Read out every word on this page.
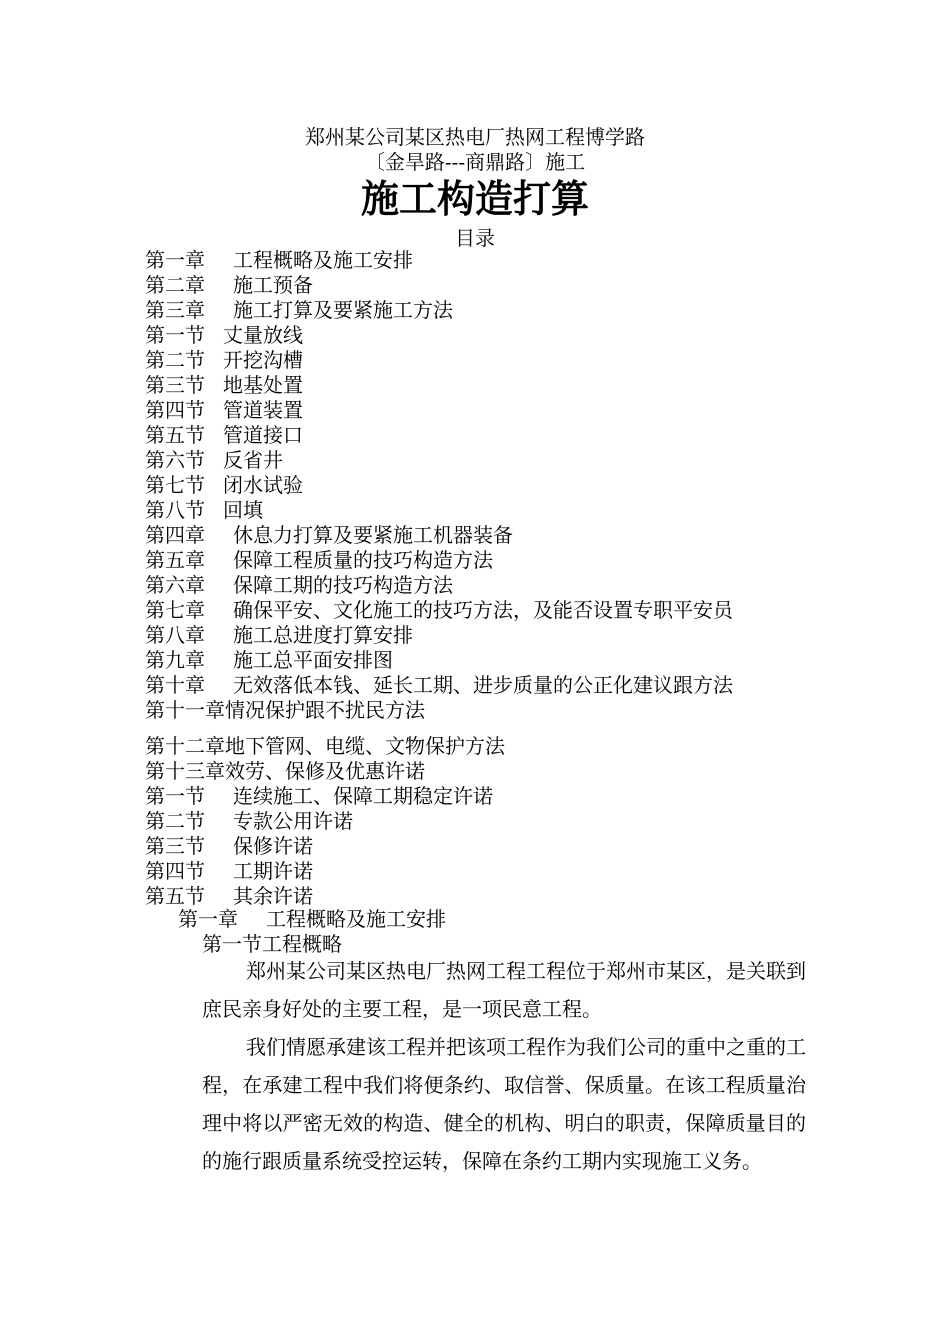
郑州某公司某区热电厂热网工程博学路
〔金旱路---商鼎路〕施工
施工构造打算
目录
第一章 工程概略及施工安排
第二章 施工预备
第三章 施工打算及要紧施工方法
第一节 丈量放线
第二节 开挖沟槽
第三节 地基处置
第四节 管道装置
第五节 管道接口
第六节 反省井
第七节 闭水试验
第八节 回填
第四章 休息力打算及要紧施工机器装备
第五章 保障工程质量的技巧构造方法
第六章 保障工期的技巧构造方法
第七章 确保平安、文化施工的技巧方法，及能否设置专职平安员
第八章 施工总进度打算安排
第九章 施工总平面安排图
第十章 无效落低本钱、延长工期、进步质量的公正化建议跟方法
第十一章情况保护跟不扰民方法
第十二章地下管网、电缆、文物保护方法
第十三章效劳、保修及优惠许诺
第一节 连续施工、保障工期稳定许诺
第二节 专款公用许诺
第三节 保修许诺
第四节 工期许诺
第五节 其余许诺
第一章 工程概略及施工安排
第一节工程概略

郑州某公司某区热电厂热网工程工程位于郑州市某区，是关联到庶民亲身好处的主要工程，是一项民意工程。

我们情愿承建该工程并把该项工程作为我们公司的重中之重的工程，在承建工程中我们将便条约、取信誉、保质量。在该工程质量治理中将以严密无效的构造、健全的机构、明白的职责，保障质量目的的施行跟质量系统受控运转，保障在条约工期内实现施工义务。
